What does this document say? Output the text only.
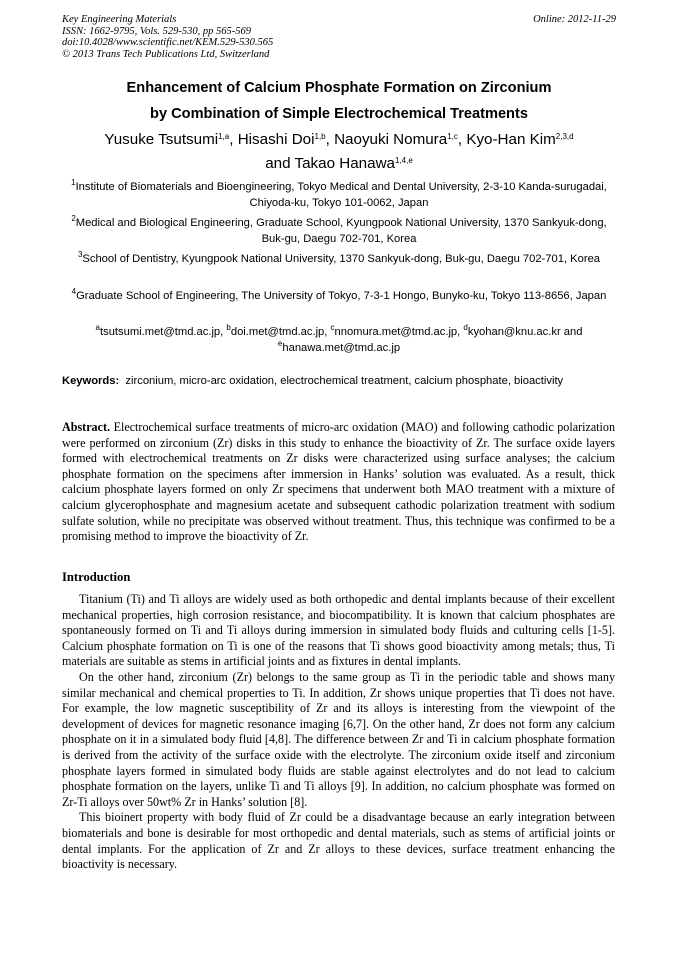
Key Engineering Materials
ISSN: 1662-9795, Vols. 529-530, pp 565-569
doi:10.4028/www.scientific.net/KEM.529-530.565
© 2013 Trans Tech Publications Ltd, Switzerland
Online: 2012-11-29
Enhancement of Calcium Phosphate Formation on Zirconium
by Combination of Simple Electrochemical Treatments
Yusuke Tsutsumi$^{1,a}$, Hisashi Doi$^{1,b}$, Naoyuki Nomura$^{1,c}$, Kyo-Han Kim$^{2,3,d}$
and Takao Hanawa$^{1,4,e}$
$^1$Institute of Biomaterials and Bioengineering, Tokyo Medical and Dental University, 2-3-10 Kanda-surugadai, Chiyoda-ku, Tokyo 101-0062, Japan
$^2$Medical and Biological Engineering, Graduate School, Kyungpook National University, 1370 Sankyuk-dong, Buk-gu, Daegu 702-701, Korea
$^3$School of Dentistry, Kyungpook National University, 1370 Sankyuk-dong, Buk-gu, Daegu 702-701, Korea
$^4$Graduate School of Engineering, The University of Tokyo, 7-3-1 Hongo, Bunyko-ku, Tokyo 113-8656, Japan
$^a$tsutsumi.met@tmd.ac.jp, $^b$doi.met@tmd.ac.jp, $^c$nnomura.met@tmd.ac.jp, $^d$kyohan@knu.ac.kr and $^e$hanawa.met@tmd.ac.jp
Keywords: zirconium, micro-arc oxidation, electrochemical treatment, calcium phosphate, bioactivity
Abstract. Electrochemical surface treatments of micro-arc oxidation (MAO) and following cathodic polarization were performed on zirconium (Zr) disks in this study to enhance the bioactivity of Zr. The surface oxide layers formed with electrochemical treatments on Zr disks were characterized using surface analyses; the calcium phosphate formation on the specimens after immersion in Hanks’ solution was evaluated. As a result, thick calcium phosphate layers formed on only Zr specimens that underwent both MAO treatment with a mixture of calcium glycerophosphate and magnesium acetate and subsequent cathodic polarization treatment with sodium sulfate solution, while no precipitate was observed without treatment. Thus, this technique was confirmed to be a promising method to improve the bioactivity of Zr.
Introduction

Titanium (Ti) and Ti alloys are widely used as both orthopedic and dental implants because of their excellent mechanical properties, high corrosion resistance, and biocompatibility. It is known that calcium phosphates are spontaneously formed on Ti and Ti alloys during immersion in simulated body fluids and culturing cells [1-5]. Calcium phosphate formation on Ti is one of the reasons that Ti shows good bioactivity among metals; thus, Ti materials are suitable as stems in artificial joints and as fixtures in dental implants.

On the other hand, zirconium (Zr) belongs to the same group as Ti in the periodic table and shows many similar mechanical and chemical properties to Ti. In addition, Zr shows unique properties that Ti does not have. For example, the low magnetic susceptibility of Zr and its alloys is interesting from the viewpoint of the development of devices for magnetic resonance imaging [6,7]. On the other hand, Zr does not form any calcium phosphate on it in a simulated body fluid [4,8]. The difference between Zr and Ti in calcium phosphate formation is derived from the activity of the surface oxide with the electrolyte. The zirconium oxide itself and zirconium phosphate layers formed in simulated body fluids are stable against electrolytes and do not lead to calcium phosphate formation on the layers, unlike Ti and Ti alloys [9]. In addition, no calcium phosphate was formed on Zr-Ti alloys over 50wt% Zr in Hanks’ solution [8].

This bioinert property with body fluid of Zr could be a disadvantage because an early integration between biomaterials and bone is desirable for most orthopedic and dental materials, such as stems of artificial joints or dental implants. For the application of Zr and Zr alloys to these devices, surface treatment enhancing the bioactivity is necessary.
